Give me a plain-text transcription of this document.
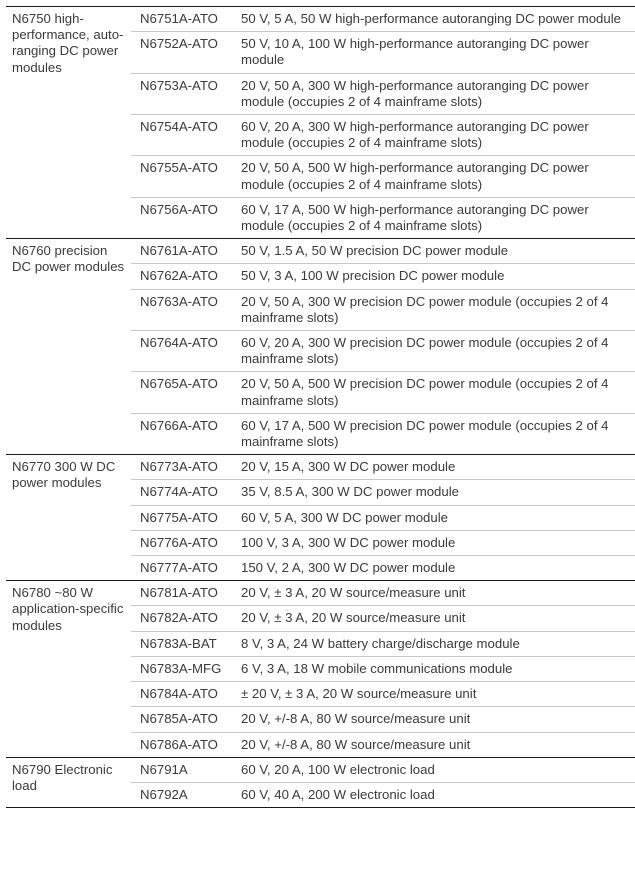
N6750 high-performance, auto-ranging DC power modules	N6751A-ATO	50 V, 5 A, 50 W high-performance autoranging DC power module
	N6752A-ATO	50 V, 10 A, 100 W high-performance autoranging DC power module
	N6753A-ATO	20 V, 50 A, 300 W high-performance autoranging DC power module (occupies 2 of 4 mainframe slots)
	N6754A-ATO	60 V, 20 A, 300 W high-performance autoranging DC power module (occupies 2 of 4 mainframe slots)
	N6755A-ATO	20 V, 50 A, 500 W high-performance autoranging DC power module (occupies 2 of 4 mainframe slots)
	N6756A-ATO	60 V, 17 A, 500 W high-performance autoranging DC power module (occupies 2 of 4 mainframe slots)
N6760 precision DC power modules	N6761A-ATO	50 V, 1.5 A, 50 W precision DC power module
	N6762A-ATO	50 V, 3 A, 100 W precision DC power module
	N6763A-ATO	20 V, 50 A, 300 W precision DC power module (occupies 2 of 4 mainframe slots)
	N6764A-ATO	60 V, 20 A, 300 W precision DC power module (occupies 2 of 4 mainframe slots)
	N6765A-ATO	20 V, 50 A, 500 W precision DC power module (occupies 2 of 4 mainframe slots)
	N6766A-ATO	60 V, 17 A, 500 W precision DC power module (occupies 2 of 4 mainframe slots)
N6770 300 W DC power modules	N6773A-ATO	20 V, 15 A, 300 W DC power module
	N6774A-ATO	35 V, 8.5 A, 300 W DC power module
	N6775A-ATO	60 V, 5 A, 300 W DC power module
	N6776A-ATO	100 V, 3 A, 300 W DC power module
	N6777A-ATO	150 V, 2 A, 300 W DC power module
N6780 ~80 W application-specific modules	N6781A-ATO	20 V, ± 3 A, 20 W source/measure unit
	N6782A-ATO	20 V, ± 3 A, 20 W source/measure unit
	N6783A-BAT	8 V, 3 A, 24 W battery charge/discharge module
	N6783A-MFG	6 V, 3 A, 18 W mobile communications module
	N6784A-ATO	± 20 V, ± 3 A, 20 W source/measure unit
	N6785A-ATO	20 V, +/-8 A, 80 W source/measure unit
	N6786A-ATO	20 V, +/-8 A, 80 W source/measure unit
N6790 Electronic load	N6791A	60 V, 20 A, 100 W electronic load
	N6792A	60 V, 40 A, 200 W electronic load
